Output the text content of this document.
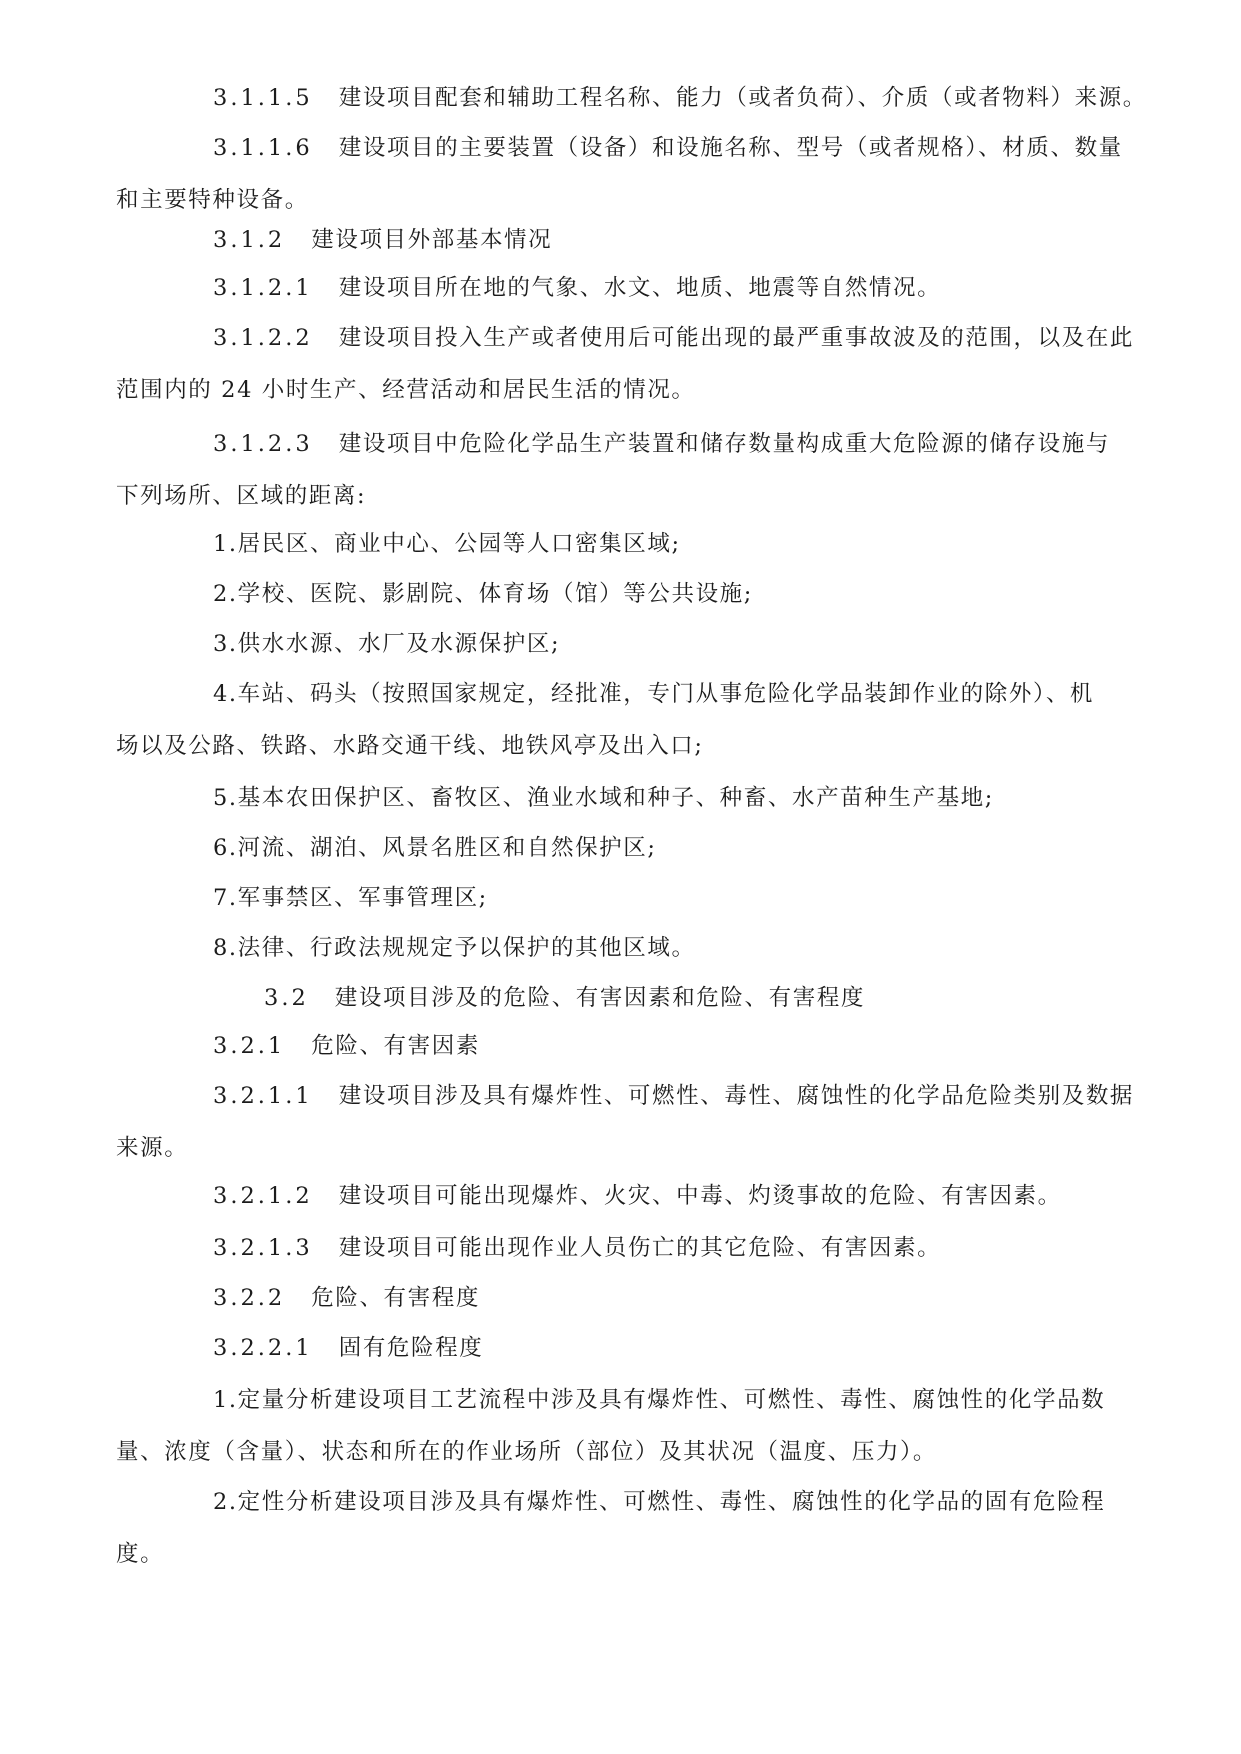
3.1.1.5 建设项目配套和辅助工程名称、能力（或者负荷）、介质（或者物料）来源。

3.1.1.6 建设项目的主要装置（设备）和设施名称、型号（或者规格）、材质、数量
和主要特种设备。

3.1.2 建设项目外部基本情况

3.1.2.1 建设项目所在地的气象、水文、地质、地震等自然情况。

3.1.2.2 建设项目投入生产或者使用后可能出现的最严重事故波及的范围，以及在此
范围内的 24 小时生产、经营活动和居民生活的情况。

3.1.2.3 建设项目中危险化学品生产装置和储存数量构成重大危险源的储存设施与
下列场所、区域的距离:

1.居民区、商业中心、公园等人口密集区域;

2.学校、医院、影剧院、体育场（馆）等公共设施;

3.供水水源、水厂及水源保护区;

4.车站、码头（按照国家规定，经批准，专门从事危险化学品装卸作业的除外）、机
场以及公路、铁路、水路交通干线、地铁风亭及出入口;

5.基本农田保护区、畜牧区、渔业水域和种子、种畜、水产苗种生产基地;

6.河流、湖泊、风景名胜区和自然保护区;

7.军事禁区、军事管理区;

8.法律、行政法规规定予以保护的其他区域。

3.2 建设项目涉及的危险、有害因素和危险、有害程度

3.2.1 危险、有害因素

3.2.1.1 建设项目涉及具有爆炸性、可燃性、毒性、腐蚀性的化学品危险类别及数据
来源。

3.2.1.2 建设项目可能出现爆炸、火灾、中毒、灼烫事故的危险、有害因素。

3.2.1.3 建设项目可能出现作业人员伤亡的其它危险、有害因素。

3.2.2 危险、有害程度

3.2.2.1 固有危险程度

1.定量分析建设项目工艺流程中涉及具有爆炸性、可燃性、毒性、腐蚀性的化学品数
量、浓度（含量）、状态和所在的作业场所（部位）及其状况（温度、压力）。

2.定性分析建设项目涉及具有爆炸性、可燃性、毒性、腐蚀性的化学品的固有危险程
度。
